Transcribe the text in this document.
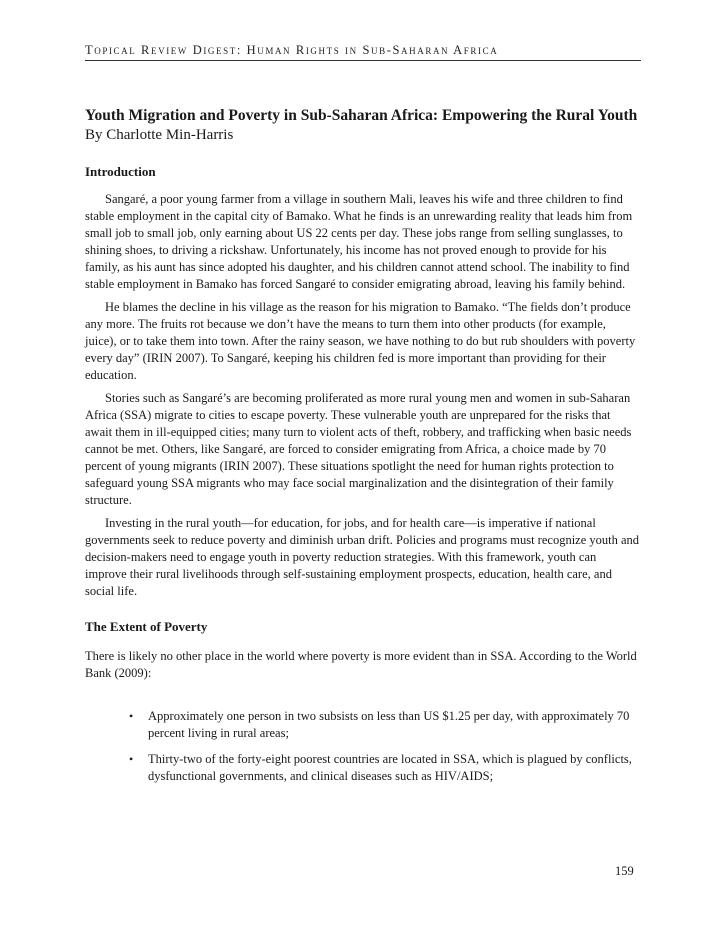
Topical Review Digest: Human Rights in Sub-Saharan Africa
Youth Migration and Poverty in Sub-Saharan Africa: Empowering the Rural Youth
By Charlotte Min-Harris
Introduction

Sangaré, a poor young farmer from a village in southern Mali, leaves his wife and three children to find stable employment in the capital city of Bamako. What he finds is an unrewarding reality that leads him from small job to small job, only earning about US 22 cents per day. These jobs range from selling sunglasses, to shining shoes, to driving a rickshaw. Unfortunately, his income has not proved enough to provide for his family, as his aunt has since adopted his daughter, and his children cannot attend school. The inability to find stable employment in Bamako has forced Sangaré to consider emigrating abroad, leaving his family behind.

He blames the decline in his village as the reason for his migration to Bamako. “The fields don’t produce any more. The fruits rot because we don’t have the means to turn them into other products (for example, juice), or to take them into town. After the rainy season, we have nothing to do but rub shoulders with poverty every day” (IRIN 2007). To Sangaré, keeping his children fed is more important than providing for their education.

Stories such as Sangaré’s are becoming proliferated as more rural young men and women in sub-Saharan Africa (SSA) migrate to cities to escape poverty. These vulnerable youth are unprepared for the risks that await them in ill-equipped cities; many turn to violent acts of theft, robbery, and trafficking when basic needs cannot be met. Others, like Sangaré, are forced to consider emigrating from Africa, a choice made by 70 percent of young migrants (IRIN 2007). These situations spotlight the need for human rights protection to safeguard young SSA migrants who may face social marginalization and the disintegration of their family structure.

Investing in the rural youth—for education, for jobs, and for health care—is imperative if national governments seek to reduce poverty and diminish urban drift. Policies and programs must recognize youth and decision-makers need to engage youth in poverty reduction strategies. With this framework, youth can improve their rural livelihoods through self-sustaining employment prospects, education, health care, and social life.

The Extent of Poverty

There is likely no other place in the world where poverty is more evident than in SSA. According to the World Bank (2009):

• Approximately one person in two subsists on less than US $1.25 per day, with approximately 70 percent living in rural areas;
• Thirty-two of the forty-eight poorest countries are located in SSA, which is plagued by conflicts, dysfunctional governments, and clinical diseases such as HIV/AIDS;
159
